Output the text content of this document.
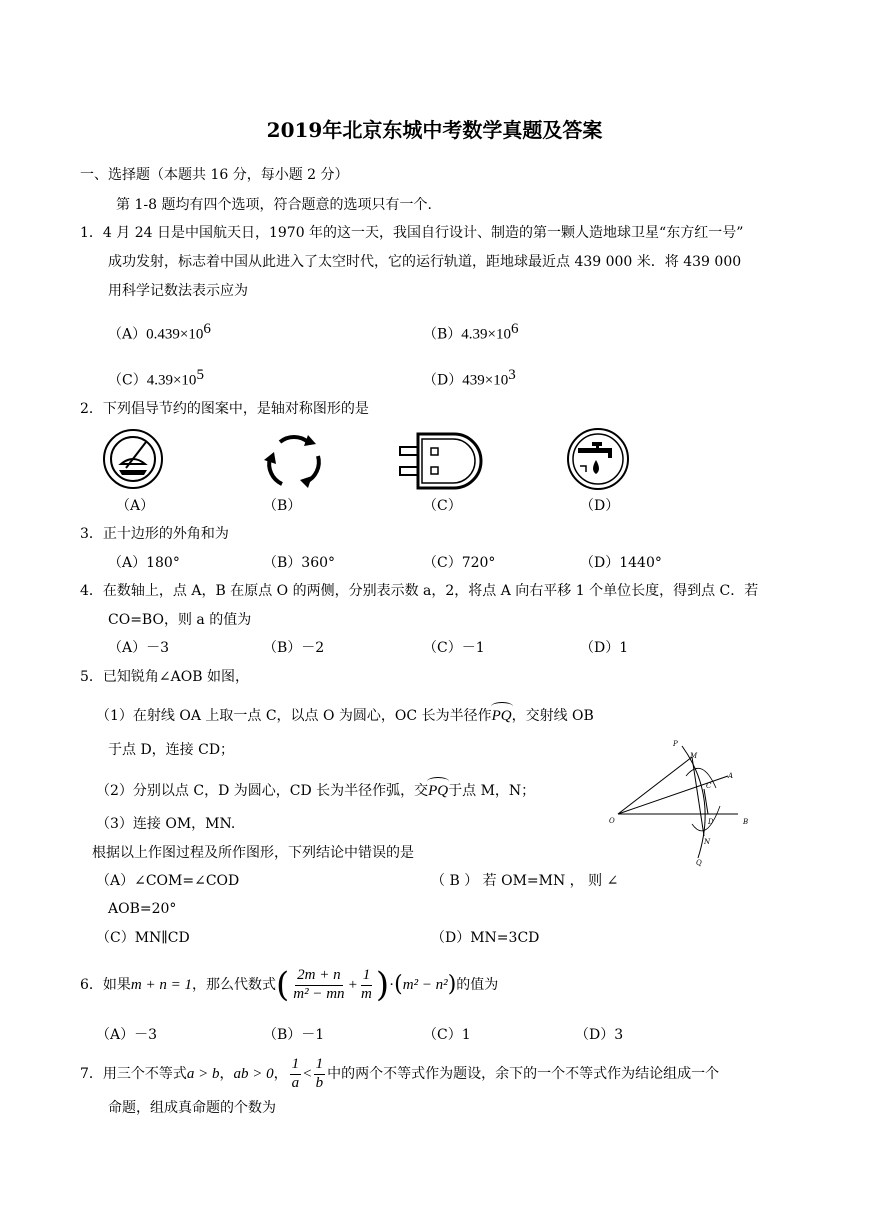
2019年北京东城中考数学真题及答案
一、选择题（本题共 16 分，每小题 2 分）
第 1-8 题均有四个选项，符合题意的选项只有一个.
1．4 月 24 日是中国航天日，1970 年的这一天，我国自行设计、制造的第一颗人造地球卫星“东方红一号”
成功发射，标志着中国从此进入了太空时代，它的运行轨道，距地球最近点 439 000 米．将 439 000
用科学记数法表示应为
$(A)0.439\times 10^6$	$(B)4.39\times 10^6$
$(C)4.39\times 10^5$	$(D)439\times 10^3$
2．下列倡导节约的图案中，是轴对称图形的是
（A）	（B）	（C）	（D）
3．正十边形的外角和为
（A）180°	（B）360°	（C）720°	（D）1440°
4．在数轴上，点 A，B 在原点 O 的两侧，分别表示数 a，2，将点 A 向右平移 1 个单位长度，得到点 C．若
CO=BO，则 a 的值为
（A）－3	（B）－2	（C）－1	（D）1
5．已知锐角∠AOB 如图，
（1）在射线 OA 上取一点 C，以点 O 为圆心，OC 长为半径作PQ，交射线 OB
于点 D，连接 CD；
（2）分别以点 C，D 为圆心，CD 长为半径作弧，交PQ于点 M，N；
（3）连接 OM，MN.
根据以上作图过程及所作图形，下列结论中错误的是
（A）∠COM=∠COD	（ B ） 若 OM=MN ， 则 ∠
AOB=20°
（C）MN∥CD	（D）MN=3CD
P
M
A
C
O	D	B
N
Q
6．如果 m + n = 1 ，那么代数式 ( $\frac{2m + n}{\text{m² − mn}} + \frac{1}{m}$ ) · ( m² − n² ) 的值为
（A）－3	（B）－1	（C）1	（D）3
7．用三个不等式 a > b ， ab > 0 ， $\frac{1}{a} < \frac{1}{b}$ 中的两个不等式作为题设，余下的一个不等式作为结论组成一个
命题，组成真命题的个数为
